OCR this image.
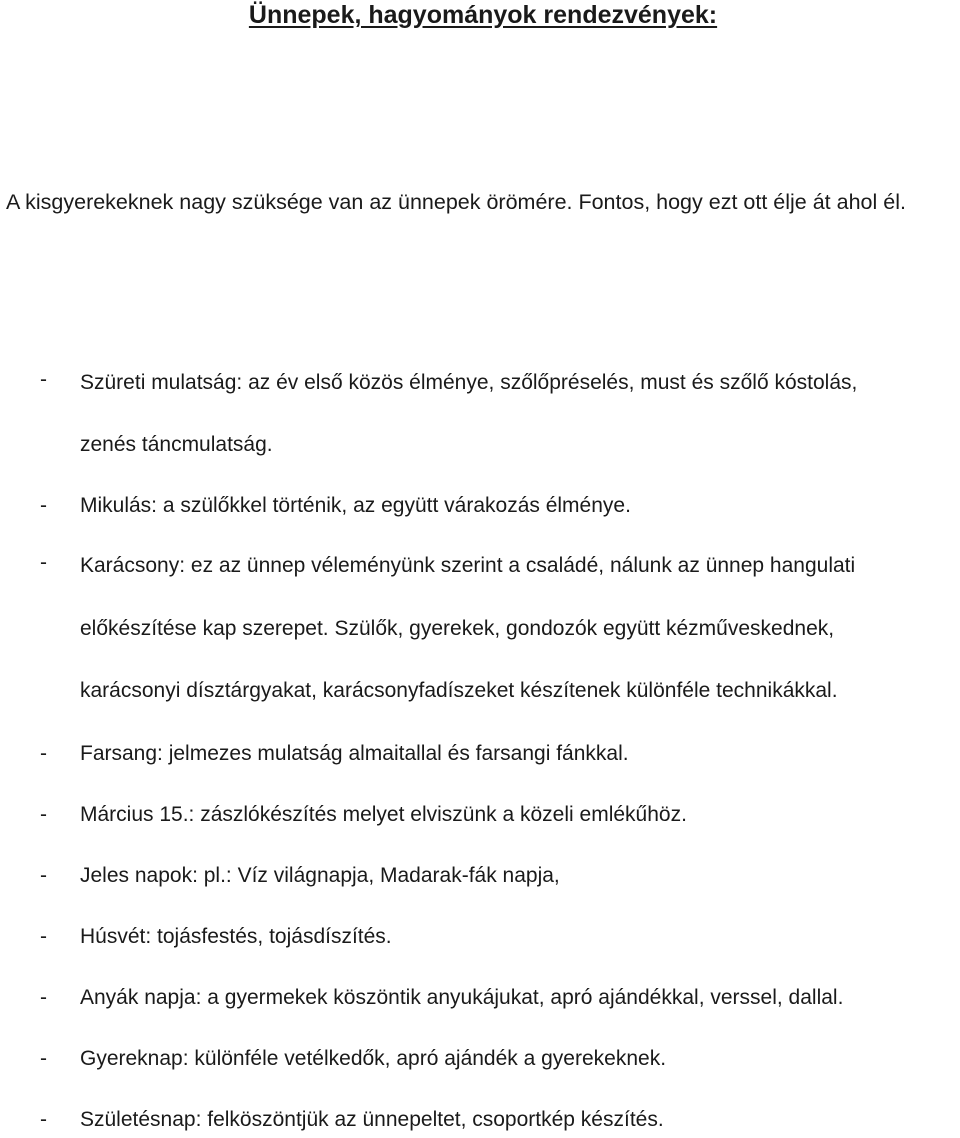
Ünnepek, hagyományok rendezvények:

A kisgyerekeknek nagy szüksége van az ünnepek örömére. Fontos, hogy ezt ott élje át ahol él.

- Szüreti mulatság: az év első közös élménye, szőlőpréselés, must és szőlő kóstolás,
zenés táncmulatság.
- Mikulás: a szülőkkel történik, az együtt várakozás élménye.
- Karácsony: ez az ünnep véleményünk szerint a családé, nálunk az ünnep hangulati
előkészítése kap szerepet. Szülők, gyerekek, gondozók együtt kézműveskednek,
karácsonyi dísztárgyakat, karácsonyfadíszeket készítenek különféle technikákkal.
- Farsang: jelmezes mulatság almaitallal és farsangi fánkkal.
- Március 15.: zászlókészítés melyet elviszünk a közeli emlékűhöz.
- Jeles napok: pl.: Víz világnapja, Madarak-fák napja,
- Húsvét: tojásfestés, tojásdíszítés.
- Anyák napja: a gyermekek köszöntik anyukájukat, apró ajándékkal, verssel, dallal.
- Gyereknap: különféle vetélkedők, apró ajándék a gyerekeknek.
- Születésnap: felköszöntjük az ünnepeltet, csoportkép készítés.
